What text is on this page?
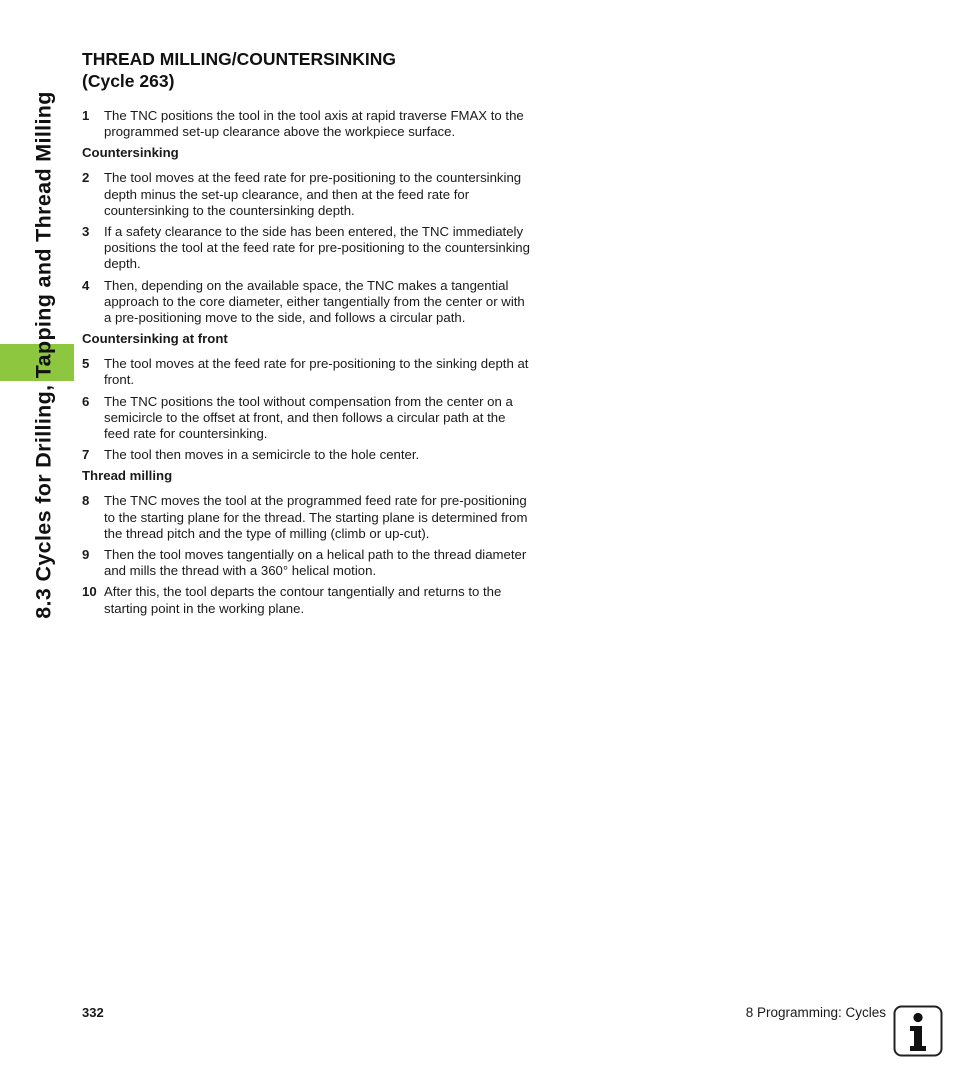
8.3 Cycles for Drilling, Tapping and Thread Milling
THREAD MILLING/COUNTERSINKING
(Cycle 263)
1 The TNC positions the tool in the tool axis at rapid traverse FMAX to the programmed set-up clearance above the workpiece surface.
Countersinking
2 The tool moves at the feed rate for pre-positioning to the countersinking depth minus the set-up clearance, and then at the feed rate for countersinking to the countersinking depth.
3 If a safety clearance to the side has been entered, the TNC immediately positions the tool at the feed rate for pre-positioning to the countersinking depth.
4 Then, depending on the available space, the TNC makes a tangential approach to the core diameter, either tangentially from the center or with a pre-positioning move to the side, and follows a circular path.
Countersinking at front
5 The tool moves at the feed rate for pre-positioning to the sinking depth at front.
6 The TNC positions the tool without compensation from the center on a semicircle to the offset at front, and then follows a circular path at the feed rate for countersinking.
7 The tool then moves in a semicircle to the hole center.
Thread milling
8 The TNC moves the tool at the programmed feed rate for pre-positioning to the starting plane for the thread. The starting plane is determined from the thread pitch and the type of milling (climb or up-cut).
9 Then the tool moves tangentially on a helical path to the thread diameter and mills the thread with a 360° helical motion.
10 After this, the tool departs the contour tangentially and returns to the starting point in the working plane.
332	8 Programming: Cycles
